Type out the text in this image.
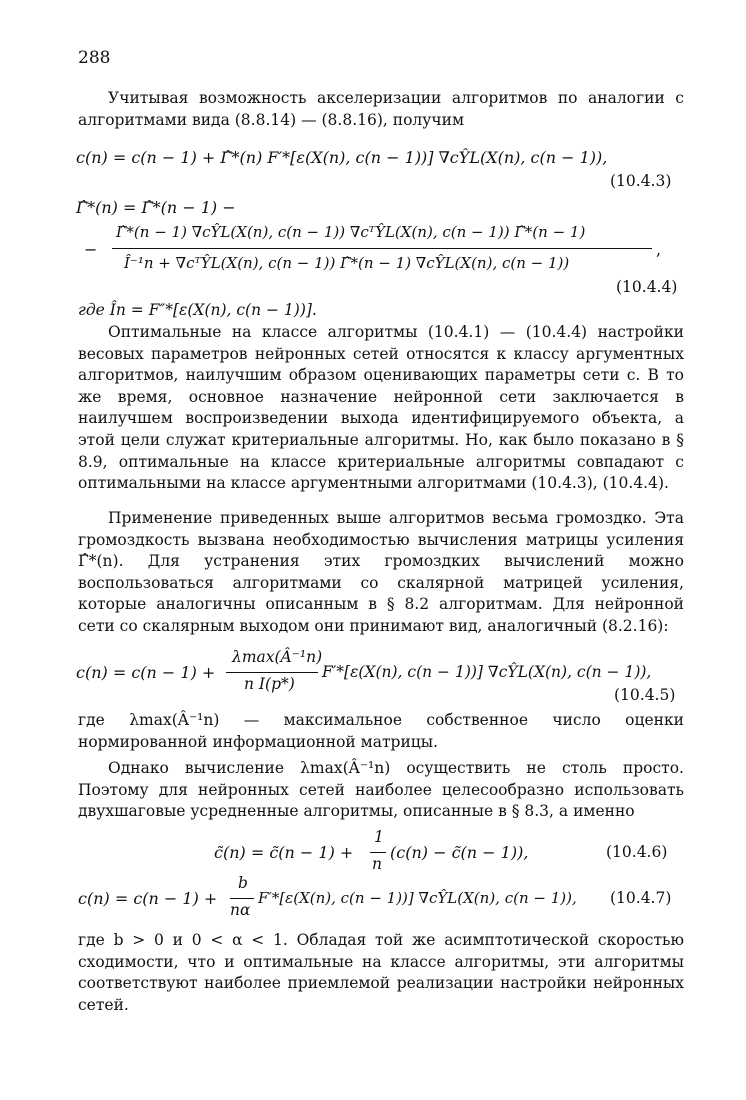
288

Учитывая возможность акселеризации алгоритмов по аналогии с алгоритмами вида (8.8.14) — (8.8.16), получим

c(n) = c(n − 1) + Γ̂*(n) F′*[ε(X(n), c(n − 1))] ∇cŶL(X(n), c(n − 1)),
(10.4.3)
Γ̂*(n) = Γ̂*(n − 1) −
−
Γ̂*(n − 1) ∇cŶL(X(n), c(n − 1)) ∇cᵀŶL(X(n), c(n − 1)) Γ̂*(n − 1)
Î⁻¹n + ∇cᵀŶL(X(n), c(n − 1)) Γ̂*(n − 1) ∇cŶL(X(n), c(n − 1))
,
(10.4.4)

где În = F″*[ε(X(n), c(n − 1))].

Оптимальные на классе алгоритмы (10.4.1) — (10.4.4) настройки весовых параметров нейронных сетей относятся к классу аргументных алгоритмов, наилучшим образом оценивающих параметры сети c. В то же время, основное назначение нейронной сети заключается в наилучшем воспроизведении выхода идентифицируемого объекта, а этой цели служат критериальные алгоритмы. Но, как было показано в § 8.9, оптимальные на классе критериальные алгоритмы совпадают с оптимальными на классе аргументными алгоритмами (10.4.3), (10.4.4).

Применение приведенных выше алгоритмов весьма громоздко. Эта громоздкость вызвана необходимостью вычисления матрицы усиления Γ̂*(n). Для устранения этих громоздких вычислений можно воспользоваться алгоритмами со скалярной матрицей усиления, которые аналогичны описанным в § 8.2 алгоритмам. Для нейронной сети со скалярным выходом они принимают вид, аналогичный (8.2.16):

c(n) = c(n − 1) +
λmax(Â⁻¹n)
n I(p*)
F′*[ε(X(n), c(n − 1))] ∇cŶL(X(n), c(n − 1)),
(10.4.5)

где λmax(Â⁻¹n) — максимальное собственное число оценки нормированной информационной матрицы.

Однако вычисление λmax(Â⁻¹n) осуществить не столь просто. Поэтому для нейронных сетей наиболее целесообразно использовать двухшаговые усредненные алгоритмы, описанные в § 8.3, а именно

c̃(n) = c̃(n − 1) +
1
n
(c(n) − c̃(n − 1)),	(10.4.6)
c(n) = c(n − 1) +
b
nα
F′*[ε(X(n), c(n − 1))] ∇cŶL(X(n), c(n − 1)), (10.4.7)

где b > 0 и 0 < α < 1. Обладая той же асимптотической скоростью сходимости, что и оптимальные на классе алгоритмы, эти алгоритмы соответствуют наиболее приемлемой реализации настройки нейронных сетей.
